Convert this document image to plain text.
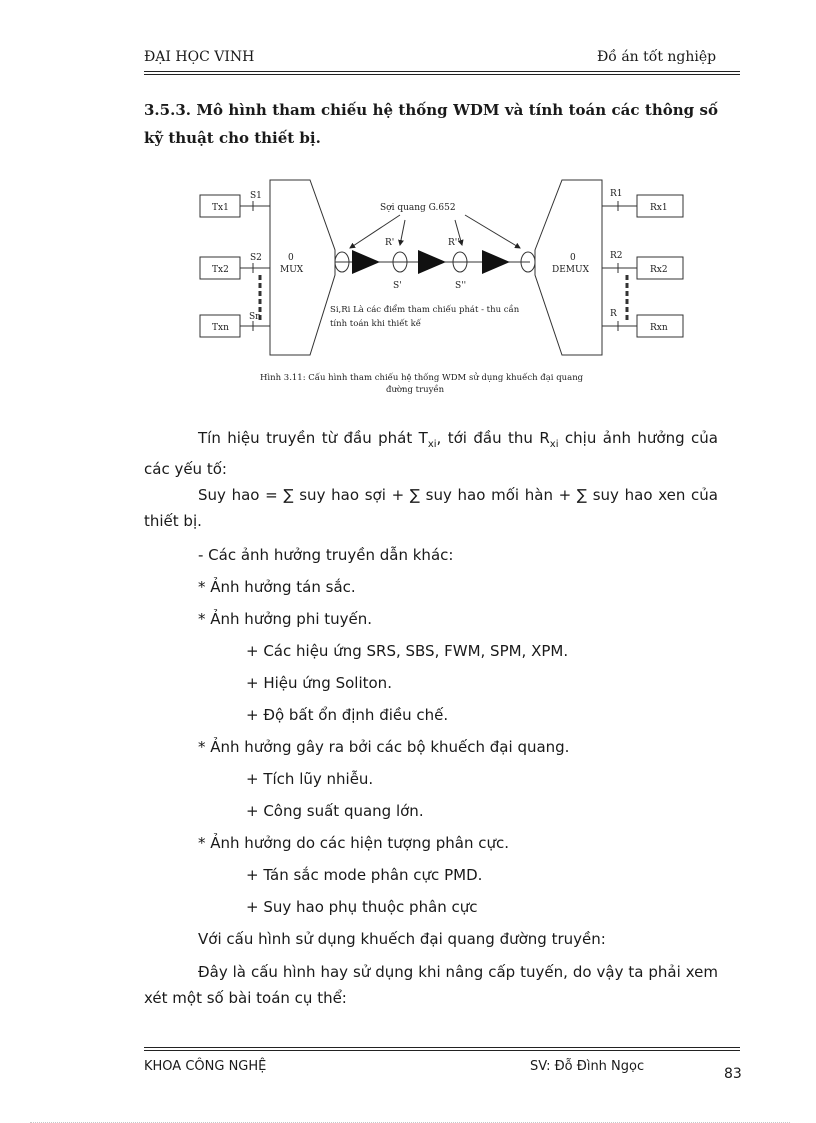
ĐẠI HỌC VINH	Đồ án tốt nghiệp
3.5.3. Mô hình tham chiếu hệ thống WDM và tính toán các thông số kỹ thuật cho thiết bị.
Tx1
Tx2
Txn
S1
S2
Sn
0
MUX
Sợi quang G.652
R'	R''
S'	S''
Si,Ri Là các điểm tham chiếu phát - thu cần
tính toán khi thiết kế
0
DEMUX
R1
R2
R
Rx1
Rx2
Rxn
Hình 3.11: Cấu hình tham chiếu hệ thống WDM sử dụng khuếch đại quang
đường truyền
Tín hiệu truyền từ đầu phát $T_{xi}$, tới đầu thu $R_{xi}$ chịu ảnh hưởng của các yếu tố:
Suy hao = ∑ suy hao sợi + ∑ suy hao mối hàn + ∑ suy hao xen của thiết bị.
- Các ảnh hưởng truyền dẫn khác:
* Ảnh hưởng tán sắc.
* Ảnh hưởng phi tuyến.
+ Các hiệu ứng SRS, SBS, FWM, SPM, XPM.
+ Hiệu ứng Soliton.
+ Độ bất ổn định điều chế.
* Ảnh hưởng gây ra bởi các bộ khuếch đại quang.
+ Tích lũy nhiễu.
+ Công suất quang lớn.
* Ảnh hưởng do các hiện tượng phân cực.
+ Tán sắc mode phân cực PMD.
+ Suy hao phụ thuộc phân cực
Với cấu hình sử dụng khuếch đại quang đường truyền:
Đây là cấu hình hay sử dụng khi nâng cấp tuyến, do vậy ta phải xem xét một số bài toán cụ thể:
KHOA CÔNG NGHỆ	SV: Đỗ Đình Ngọc	83
